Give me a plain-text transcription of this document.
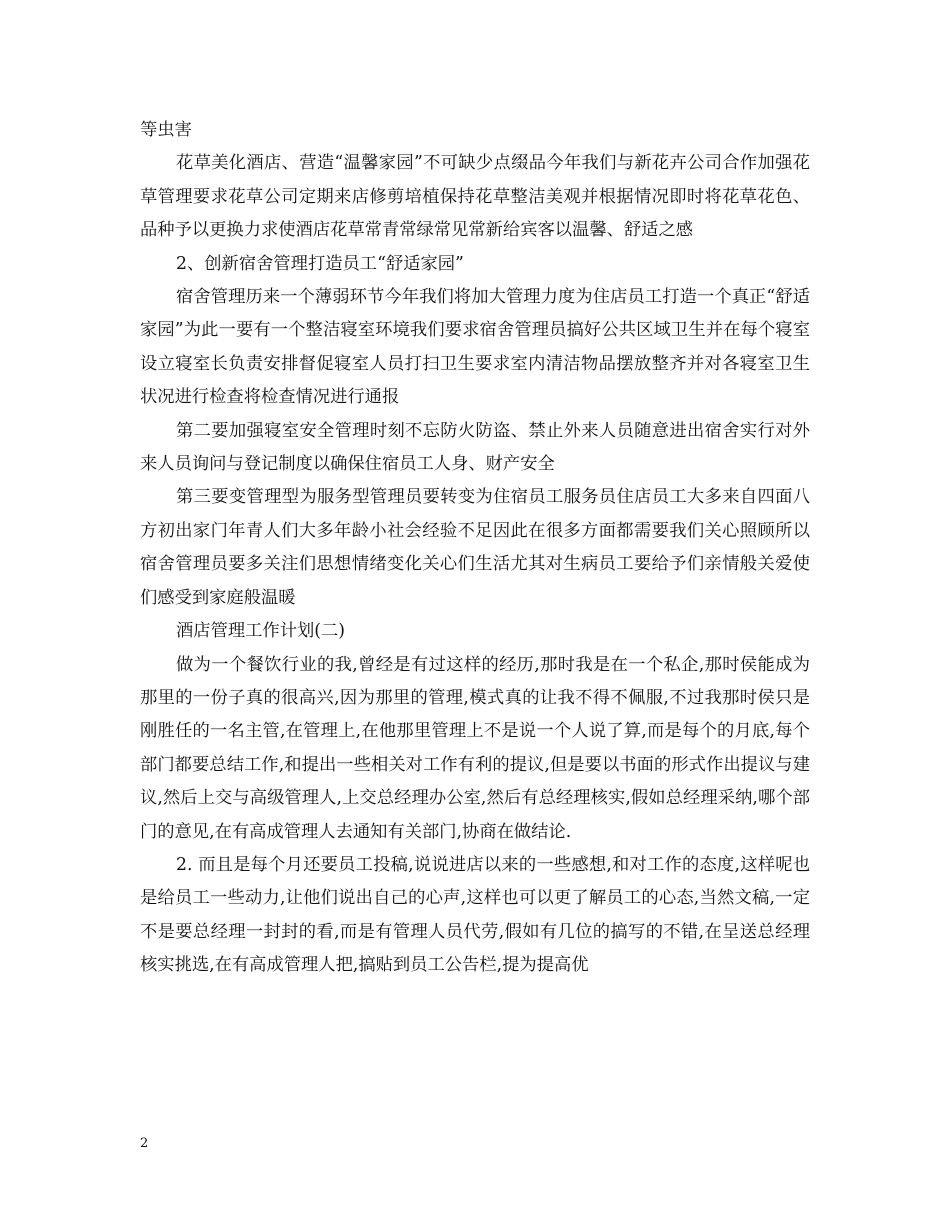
等虫害

花草美化酒店、营造“温馨家园”不可缺少点缀品今年我们与新花卉公司合作加强花草管理要求花草公司定期来店修剪培植保持花草整洁美观并根据情况即时将花草花色、品种予以更换力求使酒店花草常青常绿常见常新给宾客以温馨、舒适之感

2、创新宿舍管理打造员工“舒适家园”

宿舍管理历来一个薄弱环节今年我们将加大管理力度为住店员工打造一个真正“舒适家园”为此一要有一个整洁寝室环境我们要求宿舍管理员搞好公共区域卫生并在每个寝室设立寝室长负责安排督促寝室人员打扫卫生要求室内清洁物品摆放整齐并对各寝室卫生状况进行检查将检查情况进行通报

第二要加强寝室安全管理时刻不忘防火防盗、禁止外来人员随意进出宿舍实行对外来人员询问与登记制度以确保住宿员工人身、财产安全

第三要变管理型为服务型管理员要转变为住宿员工服务员住店员工大多来自四面八方初出家门年青人们大多年龄小社会经验不足因此在很多方面都需要我们关心照顾所以宿舍管理员要多关注们思想情绪变化关心们生活尤其对生病员工要给予们亲情般关爱使们感受到家庭般温暖

酒店管理工作计划(二)

做为一个餐饮行业的我,曾经是有过这样的经历,那时我是在一个私企,那时侯能成为那里的一份子真的很高兴,因为那里的管理,模式真的让我不得不佩服,不过我那时侯只是刚胜任的一名主管,在管理上,在他那里管理上不是说一个人说了算,而是每个的月底,每个部门都要总结工作,和提出一些相关对工作有利的提议,但是要以书面的形式作出提议与建议,然后上交与高级管理人,上交总经理办公室,然后有总经理核实,假如总经理采纳,哪个部门的意见,在有高成管理人去通知有关部门,协商在做结论.

2. 而且是每个月还要员工投稿,说说进店以来的一些感想,和对工作的态度,这样呢也是给员工一些动力,让他们说出自己的心声,这样也可以更了解员工的心态,当然文稿,一定不是要总经理一封封的看,而是有管理人员代劳,假如有几位的搞写的不错,在呈送总经理核实挑选,在有高成管理人把,搞贴到员工公告栏,提为提高优

2
